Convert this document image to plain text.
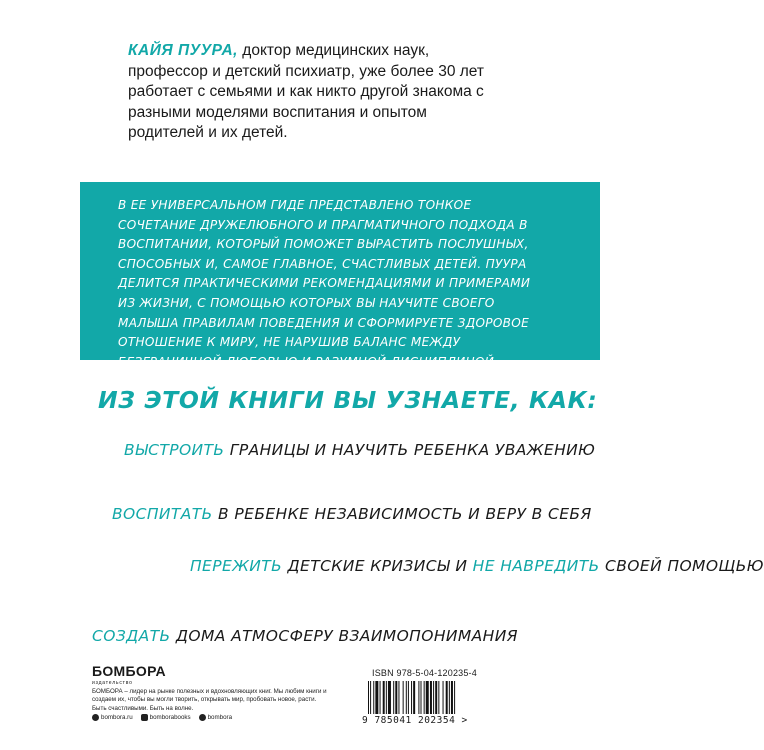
КАЙЯ ПУУРА, доктор медицинских наук, профессор и детский психиатр, уже более 30 лет работает с семьями и как никто другой знакома с разными моделями воспитания и опытом родителей и их детей.
В ЕЕ УНИВЕРСАЛЬНОМ ГИДЕ ПРЕДСТАВЛЕНО ТОНКОЕ СОЧЕТАНИЕ ДРУЖЕЛЮБНОГО И ПРАГМАТИЧНОГО ПОДХОДА В ВОСПИТАНИИ, КОТОРЫЙ ПОМОЖЕТ ВЫРАСТИТЬ ПОСЛУШНЫХ, СПОСОБНЫХ И, САМОЕ ГЛАВНОЕ, СЧАСТЛИВЫХ ДЕТЕЙ. ПУУРА ДЕЛИТСЯ ПРАКТИЧЕСКИМИ РЕКОМЕНДАЦИЯМИ И ПРИМЕРАМИ ИЗ ЖИЗНИ, С ПОМОЩЬЮ КОТОРЫХ ВЫ НАУЧИТЕ СВОЕГО МАЛЫША ПРАВИЛАМ ПОВЕДЕНИЯ И СФОРМИРУЕТЕ ЗДОРОВОЕ ОТНОШЕНИЕ К МИРУ, НЕ НАРУШИВ БАЛАНС МЕЖДУ БЕЗГРАНИЧНОЙ ЛЮБОВЬЮ И РАЗУМНОЙ ДИСЦИПЛИНОЙ.
ИЗ ЭТОЙ КНИГИ ВЫ УЗНАЕТЕ, КАК:
ВЫСТРОИТЬ ГРАНИЦЫ И НАУЧИТЬ РЕБЕНКА УВАЖЕНИЮ
ВОСПИТАТЬ В РЕБЕНКЕ НЕЗАВИСИМОСТЬ И ВЕРУ В СЕБЯ
ПЕРЕЖИТЬ ДЕТСКИЕ КРИЗИСЫ И НЕ НАВРЕДИТЬ СВОЕЙ ПОМОЩЬЮ
СОЗДАТЬ ДОМА АТМОСФЕРУ ВЗАИМОПОНИМАНИЯ
БОМБОРА
издательство
БОМБОРА – лидер на рынке полезных и вдохновляющих книг. Мы любим книги и создаем их, чтобы вы могли творить, открывать мир, пробовать новое, расти. Быть счастливыми. Быть на волне.
bombora.ru	bomborabooks	bombora
ISBN 978-5-04-120235-4
9 785041 202354 >
